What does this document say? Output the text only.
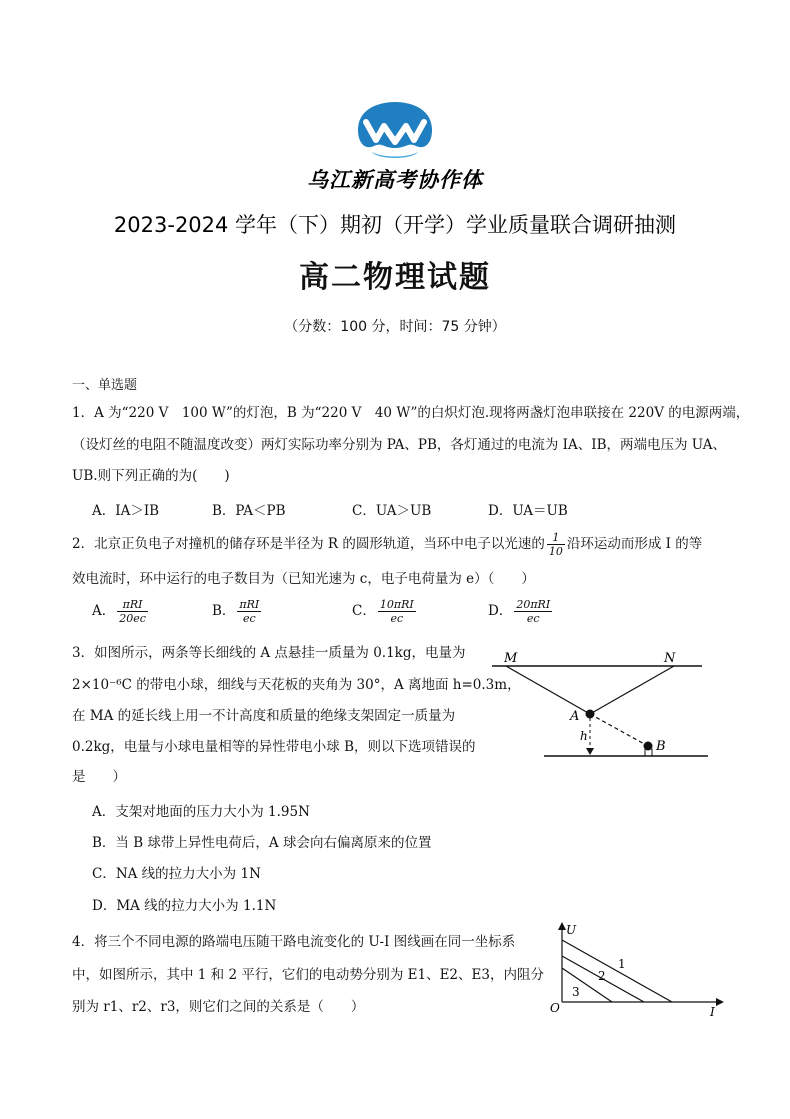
乌江新高考协作体
2023-2024 学年（下）期初（开学）学业质量联合调研抽测
高二物理试题
（分数：100 分，时间：75 分钟）
一、单选题
1．A 为“220 V　100 W”的灯泡，B 为“220 V　40 W”的白炽灯泡.现将两盏灯泡串联接在 220V 的电源两端，
（设灯丝的电阻不随温度改变）两灯实际功率分别为 PA、PB，各灯通过的电流为 IA、IB，两端电压为 UA、
UB.则下列正确的为(　　)
A．IA＞IB	B．PA＜PB	C．UA＞UB	D．UA＝UB
2．北京正负电子对撞机的储存环是半径为 R 的圆形轨道，当环中电子以光速的 $\frac{1}{10}$ 沿环运动而形成 I 的等
效电流时，环中运行的电子数目为（已知光速为 c，电子电荷量为 e）（　　）
A． $\frac{\text{πRI}}{20ec}$	B． $\frac{\text{πRI}}{ec}$	C． $\frac{\text{10πRI}}{ec}$	D． $\frac{\text{20πRI}}{ec}$
3．如图所示，两条等长细线的 A 点悬挂一质量为 0.1kg，电量为
2×10⁻⁶C 的带电小球，细线与天花板的夹角为 30°，A 离地面 h=0.3m，
在 MA 的延长线上用一不计高度和质量的绝缘支架固定一质量为
0.2kg，电量与小球电量相等的异性带电小球 B，则以下选项错误的
是　　）
A．支架对地面的压力大小为 1.95N
B．当 B 球带上异性电荷后，A 球会向右偏离原来的位置
C．NA 线的拉力大小为 1N
D．MA 线的拉力大小为 1.1N
M	N
A
B
h
4．将三个不同电源的路端电压随干路电流变化的 U-I 图线画在同一坐标系
中，如图所示，其中 1 和 2 平行，它们的电动势分别为 E1、E2、E3，内阻分
别为 r1、r2、r3，则它们之间的关系是（　　）
U
I
O
1
2
3
